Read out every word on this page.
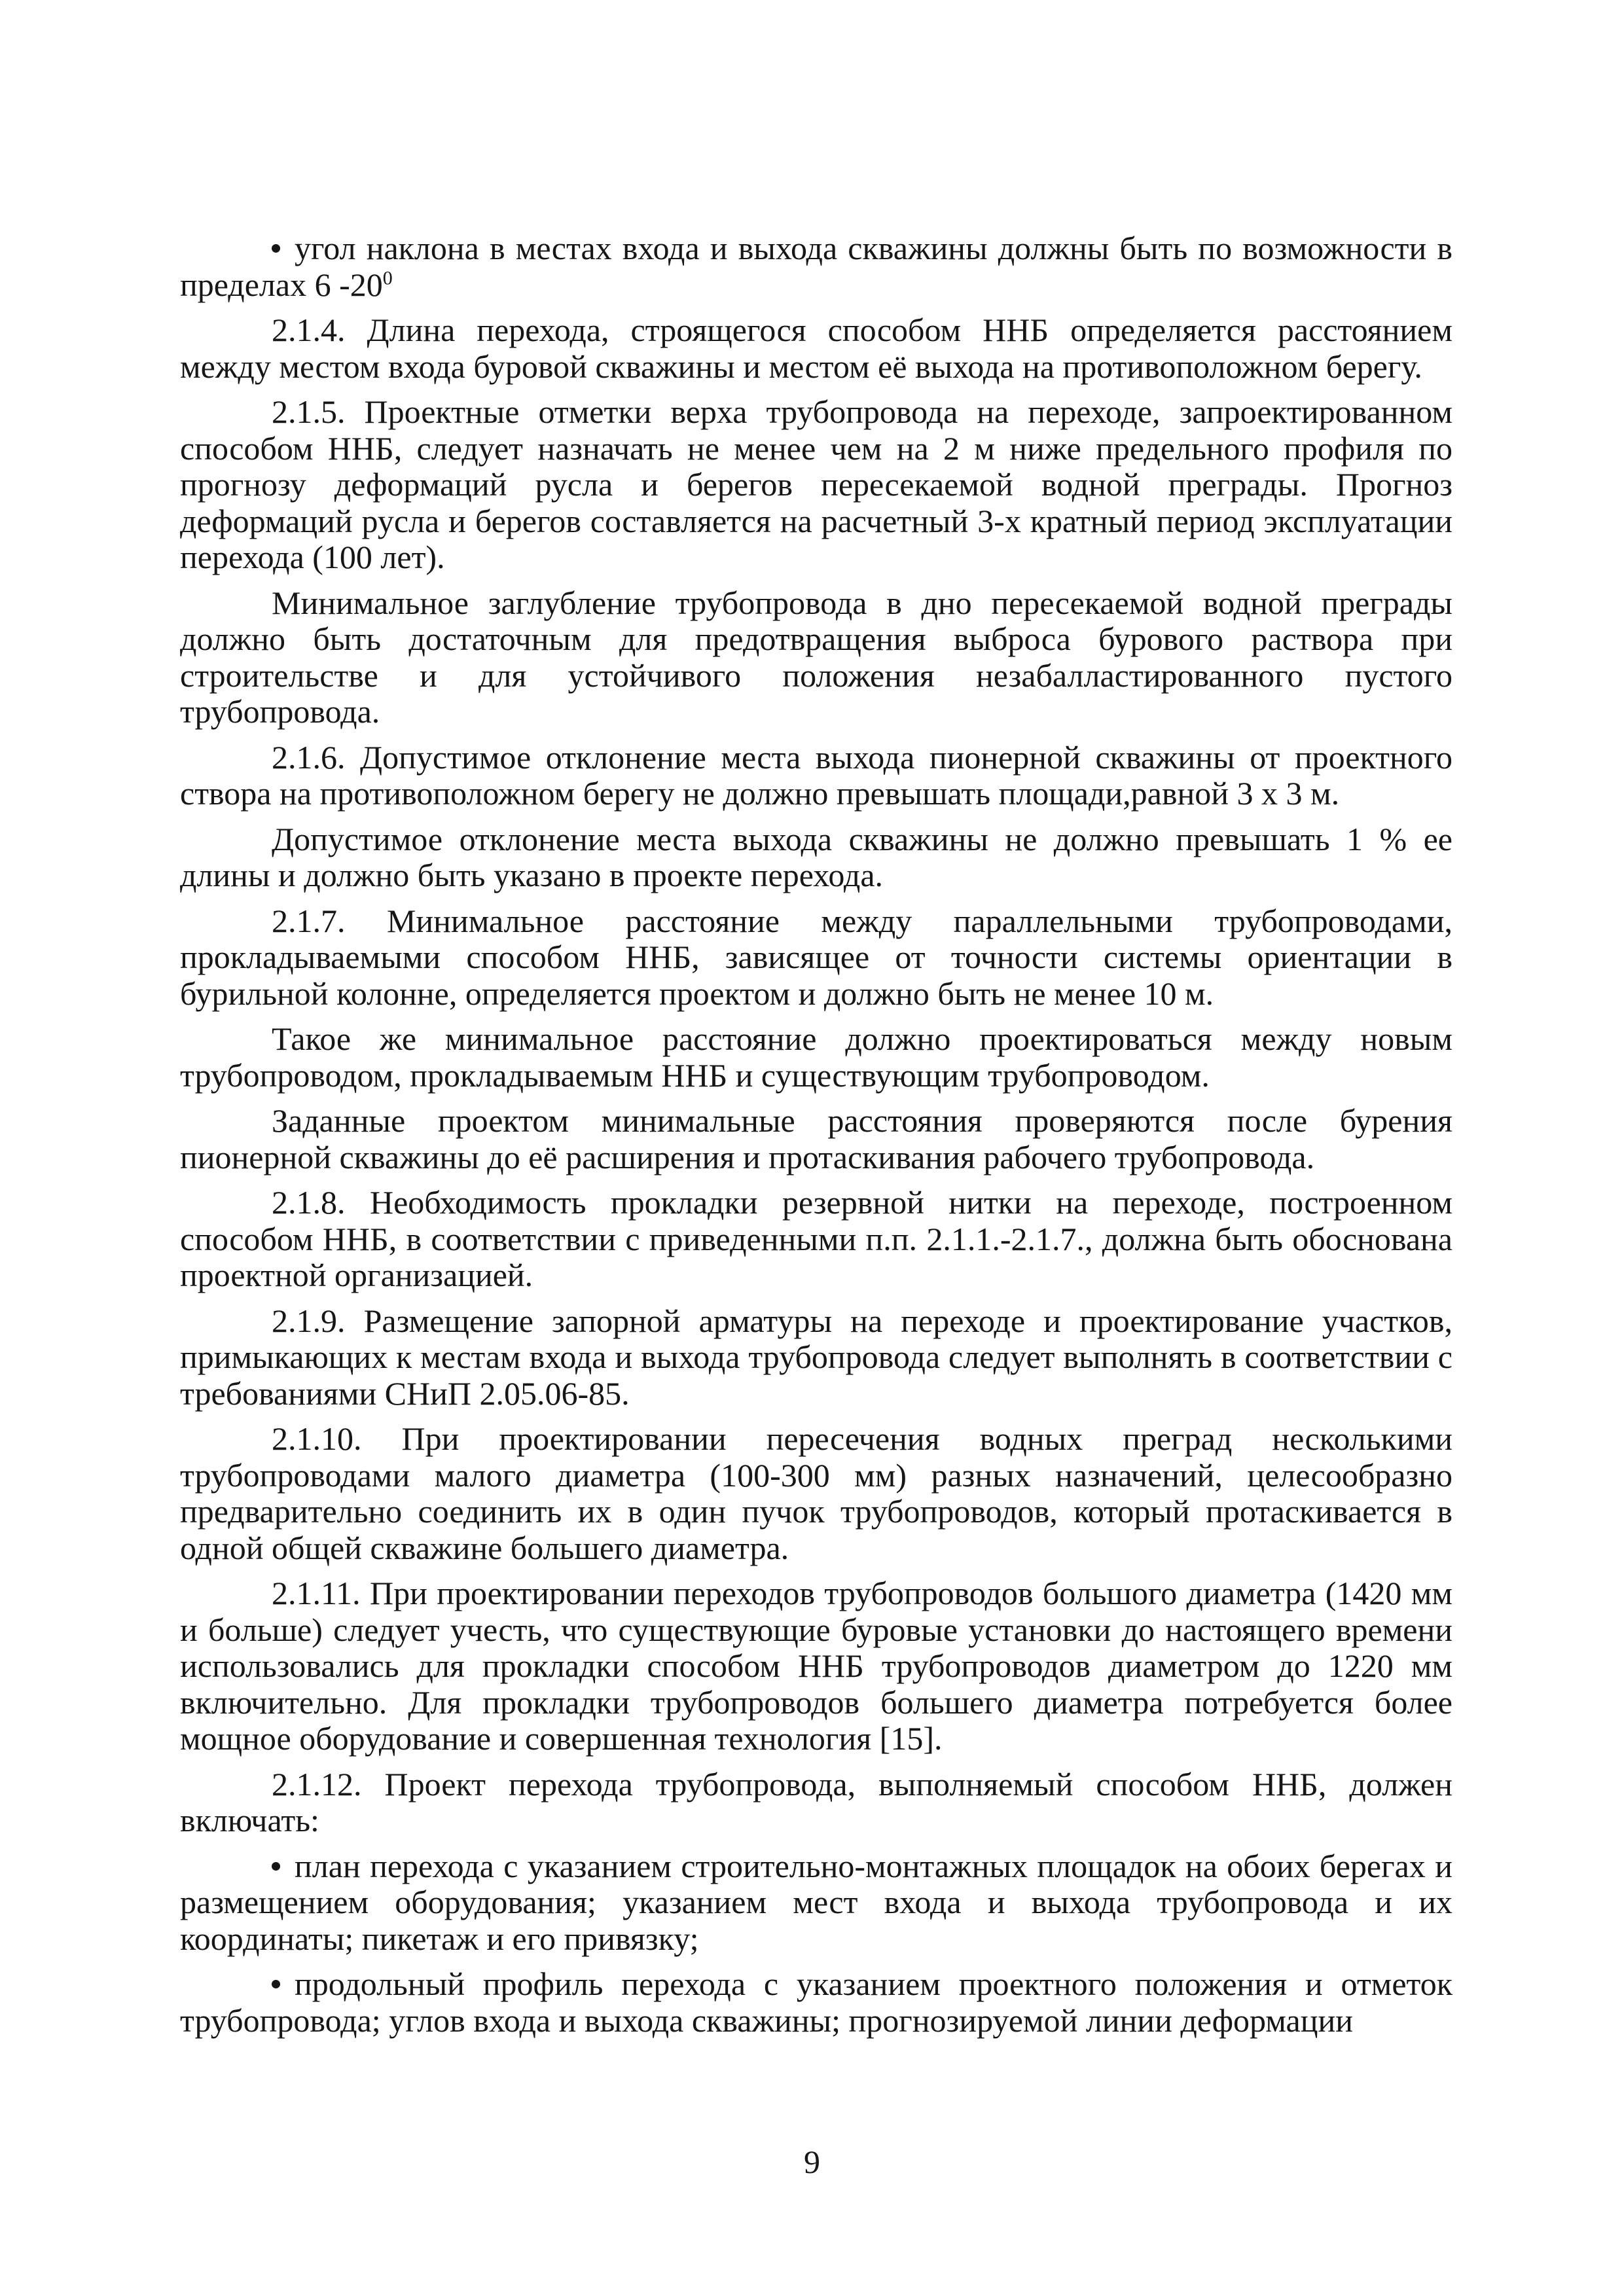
угол наклона в местах входа и выхода скважины должны быть по возможности в пределах 6 $-20^0$

2.1.4. Длина перехода, строящегося способом ННБ определяется расстоянием между местом входа буровой скважины и местом её выхода на противоположном берегу.

2.1.5. Проектные отметки верха трубопровода на переходе, запроектированном способом ННБ, следует назначать не менее чем на 2 м ниже предельного профиля по прогнозу деформаций русла и берегов пересекаемой водной преграды. Прогноз деформаций русла и берегов составляется на расчетный 3-х кратный период эксплуатации перехода (100 лет).

Минимальное заглубление трубопровода в дно пересекаемой водной преграды должно быть достаточным для предотвращения выброса бурового раствора при строительстве и для устойчивого положения незабалластированного пустого трубопровода.

2.1.6. Допустимое отклонение места выхода пионерной скважины от проектного створа на противоположном берегу не должно превышать площади,равной 3 х 3 м.

Допустимое отклонение места выхода скважины не должно превышать 1 % ее длины и должно быть указано в проекте перехода.

2.1.7. Минимальное расстояние между параллельными трубопроводами, прокладываемыми способом ННБ, зависящее от точности системы ориентации в бурильной колонне, определяется проектом и должно быть не менее 10 м.

Такое же минимальное расстояние должно проектироваться между новым трубопроводом, прокладываемым ННБ и существующим трубопроводом.

Заданные проектом минимальные расстояния проверяются после бурения пионерной скважины до её расширения и протаскивания рабочего трубопровода.

2.1.8. Необходимость прокладки резервной нитки на переходе, построенном способом ННБ, в соответствии с приведенными п.п. 2.1.1.-2.1.7., должна быть обоснована проектной организацией.

2.1.9. Размещение запорной арматуры на переходе и проектирование участков, примыкающих к местам входа и выхода трубопровода следует выполнять в соответствии с требованиями СНиП 2.05.06-85.

2.1.10. При проектировании пересечения водных преград несколькими трубопроводами малого диаметра (100-300 мм) разных назначений, целесообразно предварительно соединить их в один пучок трубопроводов, который протаскивается в одной общей скважине большего диаметра.

2.1.11. При проектировании переходов трубопроводов большого диаметра (1420 мм и больше) следует учесть, что существующие буровые установки до настоящего времени использовались для прокладки способом ННБ трубопроводов диаметром до 1220 мм включительно. Для прокладки трубопроводов большего диаметра потребуется более мощное оборудование и совершенная технология [15].

2.1.12. Проект перехода трубопровода, выполняемый способом ННБ, должен включать:

план перехода с указанием строительно-монтажных площадок на обоих берегах и размещением оборудования; указанием мест входа и выхода трубопровода и их координаты; пикетаж и его привязку;

продольный профиль перехода с указанием проектного положения и отметок трубопровода; углов входа и выхода скважины; прогнозируемой линии деформации

9
